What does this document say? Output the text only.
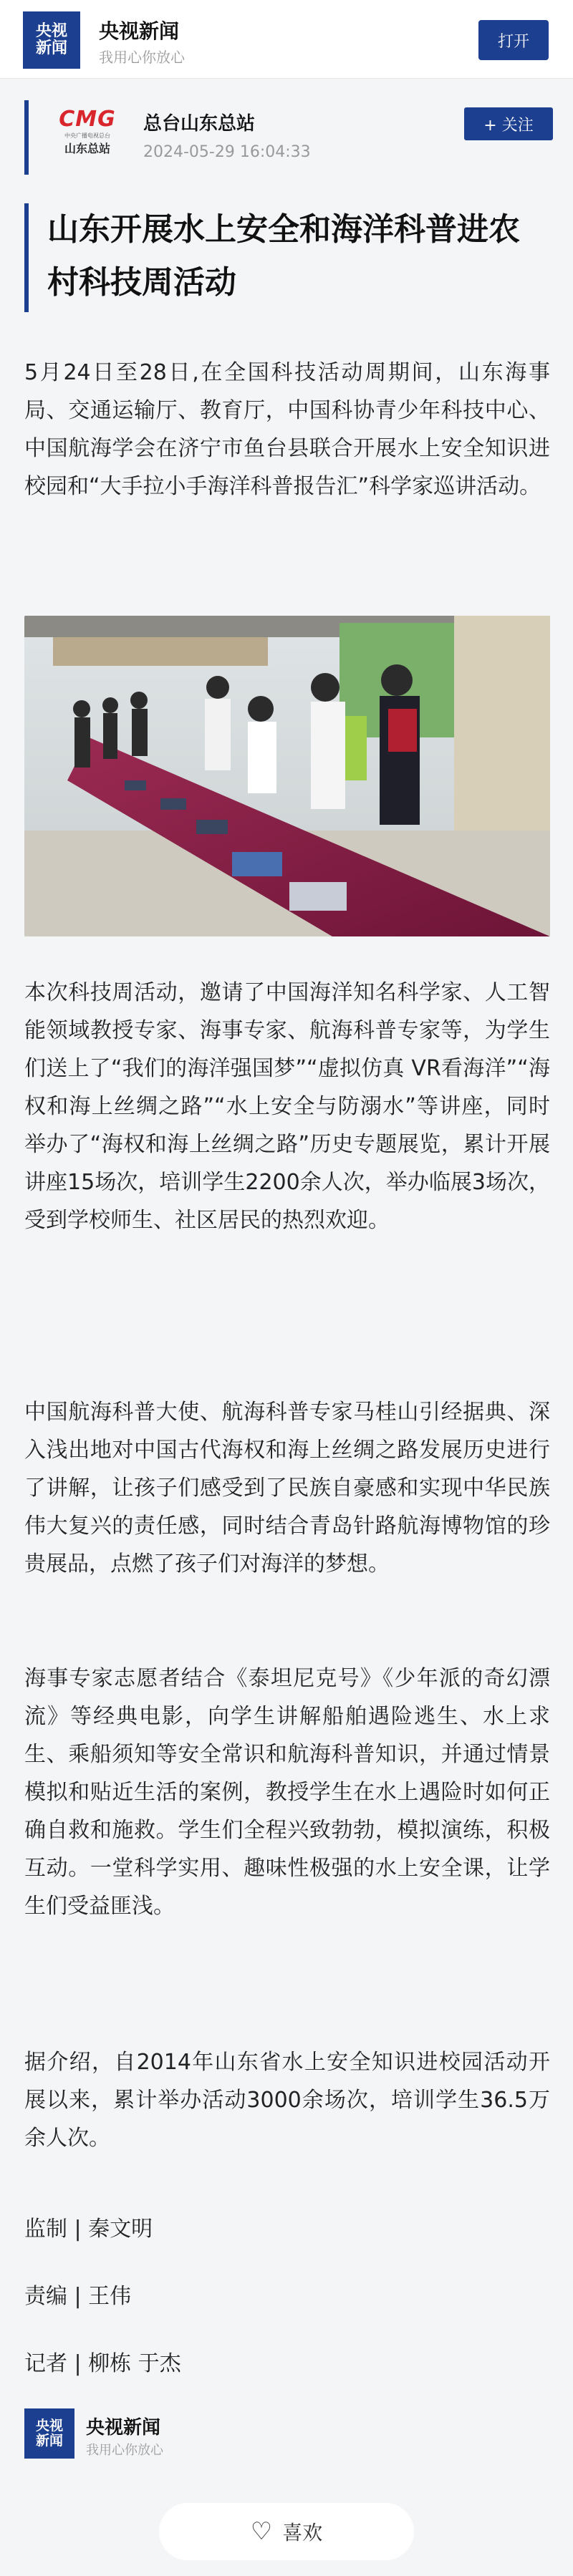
央视
新闻
央视新闻
我用心你放心
打开
CMG
中央广播电视总台
山东总站
总台山东总站
2024-05-29 16:04:33
+ 关注
山东开展水上安全和海洋科普进农村科技周活动

5月24日至28日,在全国科技活动周期间，山东海事局、交通运输厅、教育厅，中国科协青少年科技中心、中国航海学会在济宁市鱼台县联合开展水上安全知识进校园和“大手拉小手海洋科普报告汇”科学家巡讲活动。

本次科技周活动，邀请了中国海洋知名科学家、人工智能领域教授专家、海事专家、航海科普专家等，为学生们送上了“我们的海洋强国梦”“虚拟仿真 VR看海洋”“海权和海上丝绸之路”“水上安全与防溺水”等讲座，同时举办了“海权和海上丝绸之路”历史专题展览，累计开展讲座15场次，培训学生2200余人次，举办临展3场次，受到学校师生、社区居民的热烈欢迎。

中国航海科普大使、航海科普专家马桂山引经据典、深入浅出地对中国古代海权和海上丝绸之路发展历史进行了讲解，让孩子们感受到了民族自豪感和实现中华民族伟大复兴的责任感，同时结合青岛针路航海博物馆的珍贵展品，点燃了孩子们对海洋的梦想。

海事专家志愿者结合《泰坦尼克号》《少年派的奇幻漂流》等经典电影，向学生讲解船舶遇险逃生、水上求生、乘船须知等安全常识和航海科普知识，并通过情景模拟和贴近生活的案例，教授学生在水上遇险时如何正确自救和施救。学生们全程兴致勃勃，模拟演练，积极互动。一堂科学实用、趣味性极强的水上安全课，让学生们受益匪浅。

据介绍，自2014年山东省水上安全知识进校园活动开展以来，累计举办活动3000余场次，培训学生36.5万余人次。

监制 | 秦文明
责编 | 王伟
记者 | 柳栋 于杰
央视
新闻
央视新闻
我用心你放心
♡ 喜欢
